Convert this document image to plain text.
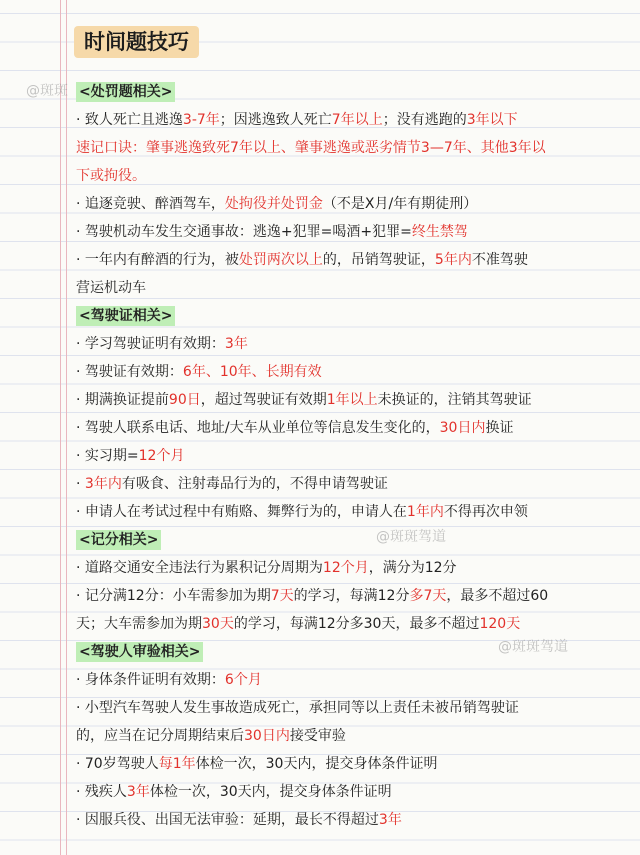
时间题技巧
@斑斑
@斑斑驾道
@斑斑驾道
<处罚题相关>
· 致人死亡且逃逸3-7年；因逃逸致人死亡7年以上；没有逃跑的3年以下
速记口诀：肇事逃逸致死7年以上、肇事逃逸或恶劣情节3—7年、其他3年以
下或拘役。
· 追逐竞驶、醉酒驾车，处拘役并处罚金（不是X月/年有期徒刑）
· 驾驶机动车发生交通事故：逃逸+犯罪=喝酒+犯罪=终生禁驾
· 一年内有醉酒的行为，被处罚两次以上的，吊销驾驶证，5年内不准驾驶
营运机动车
<驾驶证相关>
· 学习驾驶证明有效期：3年
· 驾驶证有效期：6年、10年、长期有效
· 期满换证提前90日，超过驾驶证有效期1年以上未换证的，注销其驾驶证
· 驾驶人联系电话、地址/大车从业单位等信息发生变化的，30日内换证
· 实习期=12个月
· 3年内有吸食、注射毒品行为的，不得申请驾驶证
· 申请人在考试过程中有贿赂、舞弊行为的，申请人在1年内不得再次申领
<记分相关>
· 道路交通安全违法行为累积记分周期为12个月，满分为12分
· 记分满12分：小车需参加为期7天的学习，每满12分多7天，最多不超过60
天；大车需参加为期30天的学习，每满12分多30天，最多不超过120天
<驾驶人审验相关>
· 身体条件证明有效期：6个月
· 小型汽车驾驶人发生事故造成死亡，承担同等以上责任未被吊销驾驶证
的，应当在记分周期结束后30日内接受审验
· 70岁驾驶人每1年体检一次，30天内，提交身体条件证明
· 残疾人3年体检一次，30天内，提交身体条件证明
· 因服兵役、出国无法审验：延期，最长不得超过3年
